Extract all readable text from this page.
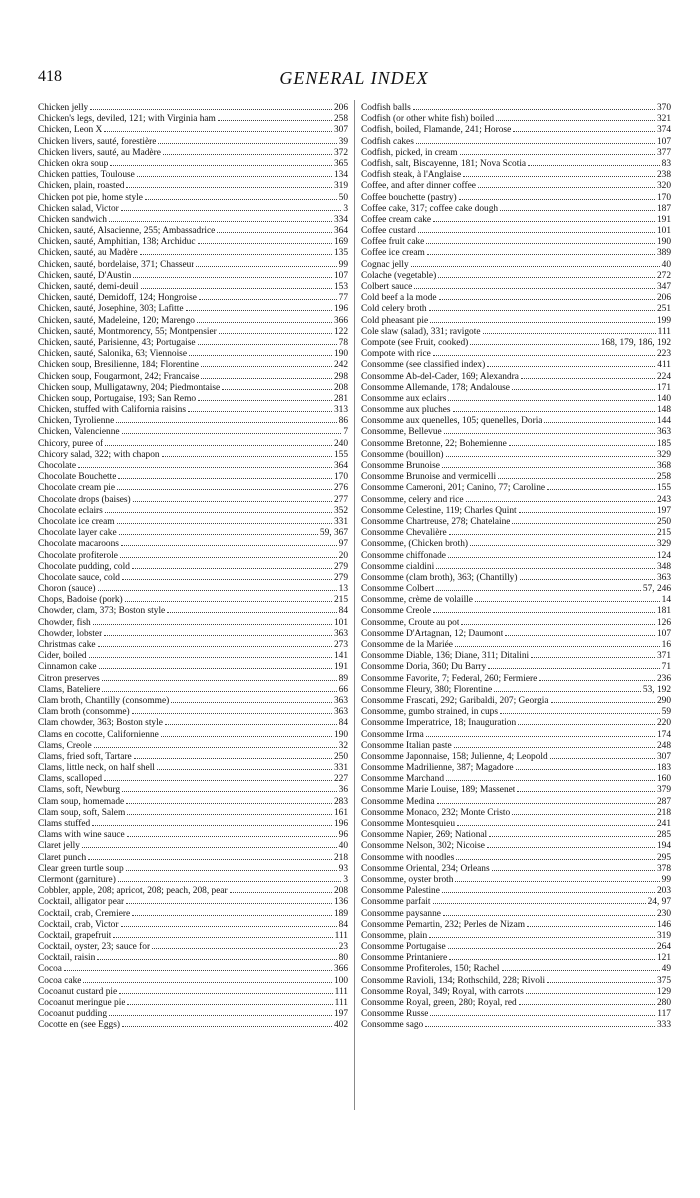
418	GENERAL INDEX
Chicken jelly	206
Chicken's legs, deviled, 121; with Virginia ham	258
Chicken, Leon X	307
Chicken livers, sauté, forestière	39
Chicken livers, sauté, au Madère	372
Chicken okra soup	365
Chicken patties, Toulouse	134
Chicken, plain, roasted	319
Chicken pot pie, home style	50
Chicken salad, Victor	3
Chicken sandwich	334
Chicken, sauté, Alsacienne, 255; Ambassadrice	364
Chicken, sauté, Amphitian, 138; Archiduc	169
Chicken, sauté, au Madère	135
Chicken, sauté, bordelaise, 371; Chasseur	99
Chicken, sauté, D'Austin	107
Chicken, sauté, demi-deuil	153
Chicken, sauté, Demidoff, 124; Hongroise	77
Chicken, sauté, Josephine, 303; Lafitte	196
Chicken, sauté, Madeleine, 120; Marengo	366
Chicken, sauté, Montmorency, 55; Montpensier	122
Chicken, sauté, Parisienne, 43; Portugaise	78
Chicken, sauté, Salonika, 63; Viennoise	190
Chicken soup, Bresilienne, 184; Florentine	242
Chicken soup, Fougarmont, 242; Francaise	298
Chicken soup, Mulligatawny, 204; Piedmontaise	208
Chicken soup, Portugaise, 193; San Remo	281
Chicken, stuffed with California raisins	313
Chicken, Tyrolienne	86
Chicken, Valencienne	7
Chicory, puree of	240
Chicory salad, 322; with chapon	155
Chocolate	364
Chocolate Bouchette	170
Chocolate cream pie	276
Chocolate drops (baises)	277
Chocolate eclairs	352
Chocolate ice cream	331
Chocolate layer cake	59, 367
Chocolate macaroons	97
Chocolate profiterole	20
Chocolate pudding, cold	279
Chocolate sauce, cold	279
Choron (sauce)	13
Chops, Badoise (pork)	215
Chowder, clam, 373; Boston style	84
Chowder, fish	101
Chowder, lobster	363
Christmas cake	273
Cider, boiled	141
Cinnamon cake	191
Citron preserves	89
Clams, Bateliere	66
Clam broth, Chantilly (consomme)	363
Clam broth (consomme)	363
Clam chowder, 363; Boston style	84
Clams en cocotte, Californienne	190
Clams, Creole	32
Clams, fried soft, Tartare	250
Clams, little neck, on half shell	331
Clams, scalloped	227
Clams, soft, Newburg	36
Clam soup, homemade	283
Clam soup, soft, Salem	161
Clams stuffed	196
Clams with wine sauce	96
Claret jelly	40
Claret punch	218
Clear green turtle soup	93
Clermont (garniture)	3
Cobbler, apple, 208; apricot, 208; peach, 208, pear	208
Cocktail, alligator pear	136
Cocktail, crab, Cremiere	189
Cocktail, crab, Victor	84
Cocktail, grapefruit	111
Cocktail, oyster, 23; sauce for	23
Cocktail, raisin	80
Cocoa	366
Cocoa cake	100
Cocoanut custard pie	111
Cocoanut meringue pie	111
Cocoanut pudding	197
Cocotte en (see Eggs)	402
Codfish balls	370
Codfish (or other white fish) boiled	321
Codfish, boiled, Flamande, 241; Horose	374
Codfish cakes	107
Codfish, picked, in cream	377
Codfish, salt, Biscayenne, 181; Nova Scotia	83
Codfish steak, à l'Anglaise	238
Coffee, and after dinner coffee	320
Coffee bouchette (pastry)	170
Coffee cake, 317; coffee cake dough	187
Coffee cream cake	191
Coffee custard	101
Coffee fruit cake	190
Coffee ice cream	389
Cognac jelly	40
Colache (vegetable)	272
Colbert sauce	347
Cold beef a la mode	206
Cold celery broth	251
Cold pheasant pie	199
Cole slaw (salad), 331; ravigote	111
Compote (see Fruit, cooked)	168, 179, 186, 192
Compote with rice	223
Consomme (see classified index)	411
Consomme Ab-del-Cader, 169; Alexandra	224
Consomme Allemande, 178; Andalouse	171
Consomme aux eclairs	140
Consomme aux pluches	148
Consomme aux quenelles, 105; quenelles, Doria	144
Consomme, Bellevue	363
Consomme Bretonne, 22; Bohemienne	185
Consomme (bouillon)	329
Consomme Brunoise	368
Consomme Brunoise and vermicelli	258
Consomme Cameroni, 201; Canino, 77; Caroline	155
Consomme, celery and rice	243
Consomme Celestine, 119; Charles Quint	197
Consomme Chartreuse, 278; Chatelaine	250
Consomme Chevalière	215
Consomme, (Chicken broth)	329
Consomme chiffonade	124
Consomme cialdini	348
Consomme (clam broth), 363; (Chantilly)	363
Consomme Colbert	57, 246
Consomme, crème de volaille	14
Consomme Creole	181
Consomme, Croute au pot	126
Consomme D'Artagnan, 12; Daumont	107
Consomme de la Mariée	16
Consomme Diable, 136; Diane, 311; Ditalini	371
Consomme Doria, 360; Du Barry	71
Consomme Favorite, 7; Federal, 260; Fermiere	236
Consomme Fleury, 380; Florentine	53, 192
Consomme Frascati, 292; Garibaldi, 207; Georgia	290
Consomme, gumbo strained, in cups	59
Consomme Imperatrice, 18; Inauguration	220
Consomme Irma	174
Consomme Italian paste	248
Consomme Japonnaise, 158; Julienne, 4; Leopold	307
Consomme Madrilienne, 387; Magadore	183
Consomme Marchand	160
Consomme Marie Louise, 189; Massenet	379
Consomme Medina	287
Consomme Monaco, 232; Monte Cristo	218
Consomme Montesquieu	241
Consomme Napier, 269; National	285
Consomme Nelson, 302; Nicoise	194
Consomme with noodles	295
Consomme Oriental, 234; Orleans	378
Consomme, oyster broth	99
Consomme Palestine	203
Consomme parfait	24, 97
Consomme paysanne	230
Consomme Pemartin, 232; Perles de Nizam	146
Consomme, plain	319
Consomme Portugaise	264
Consomme Printaniere	121
Consomme Profiteroles, 150; Rachel	49
Consomme Ravioli, 134; Rothschild, 228; Rivoli	375
Consomme Royal, 349; Royal, with carrots	129
Consomme Royal, green, 280; Royal, red	280
Consomme Russe	117
Consomme sago	333
